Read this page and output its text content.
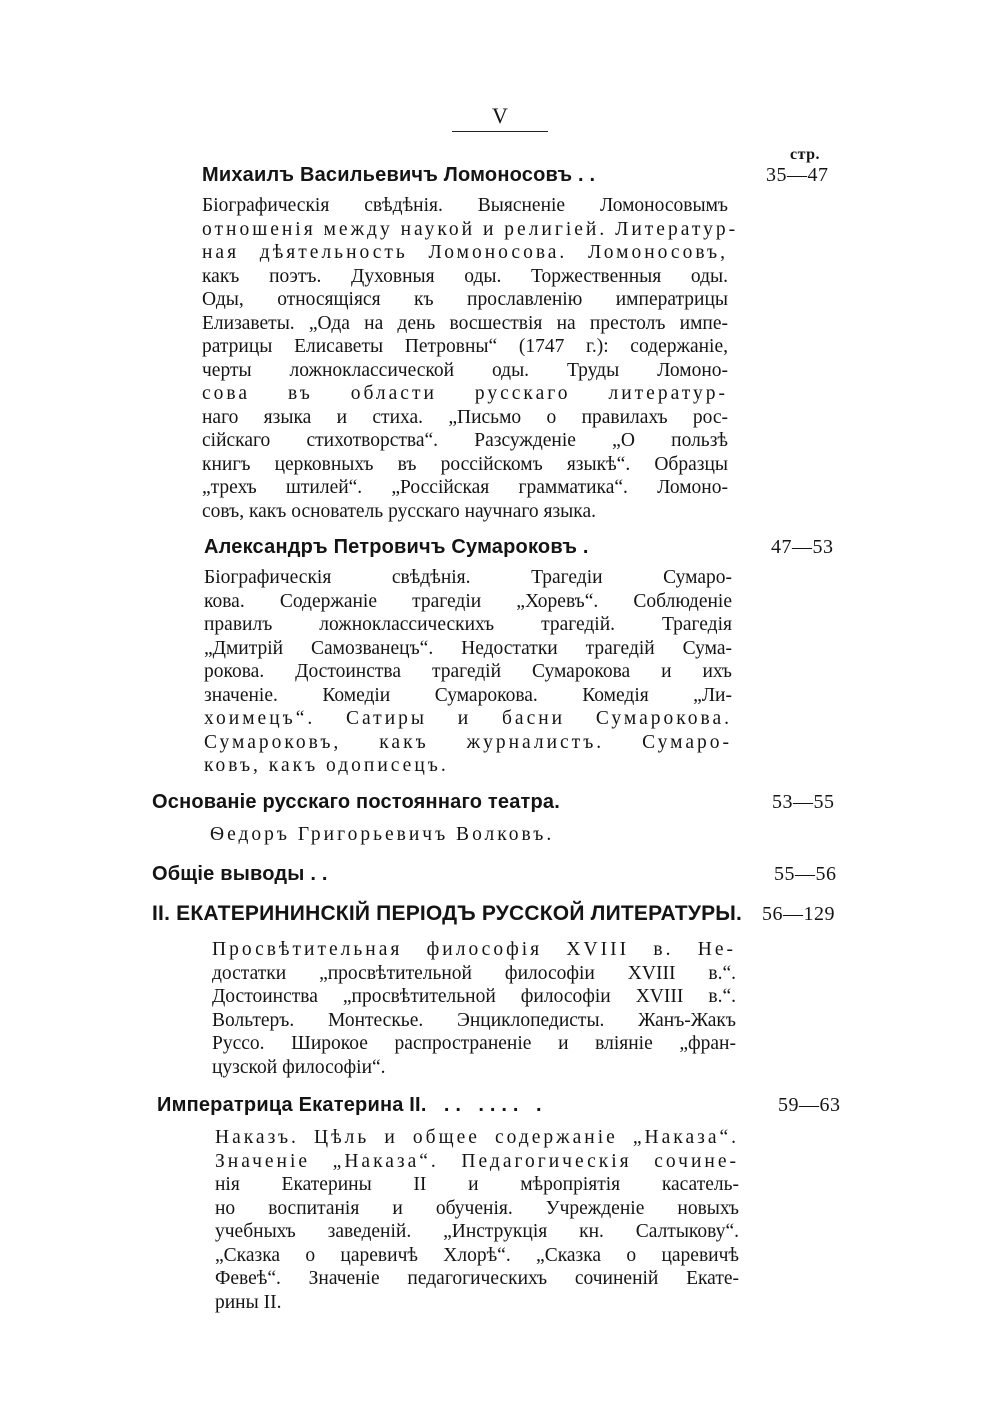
V
стр.
Михаилъ Васильевичъ Ломоносовъ . .	35—47
Біографическія свѣдѣнія. Выясненіе Ломоносовымъ
отношенія между наукой и религіей. Литератур-
ная дѣятельность Ломоносова. Ломоносовъ,
какъ поэтъ. Духовныя оды. Торжественныя оды.
Оды, относящіяся къ прославленію императрицы
Елизаветы. „Ода на день восшествія на престолъ импе-
ратрицы Елисаветы Петровны“ (1747 г.): содержаніе,
черты ложноклассической оды. Труды Ломоно-
сова въ области русскаго литератур-
наго языка и стиха. „Письмо о правилахъ рос-
сійскаго стихотворства“. Разсужденіе „О пользѣ
книгъ церковныхъ въ россійскомъ языкѣ“. Образцы
„трехъ штилей“. „Россійская грамматика“. Ломоно-
совъ, какъ основатель русскаго научнаго языка.
Александръ Петровичъ Сумароковъ .	47—53
Біографическія свѣдѣнія. Трагедіи Сумаро-
кова. Содержаніе трагедіи „Хоревъ“. Соблюденіе
правилъ ложноклассическихъ трагедій. Трагедія
„Дмитрій Самозванецъ“. Недостатки трагедій Сума-
рокова. Достоинства трагедій Сумарокова и ихъ
значеніе. Комедіи Сумарокова. Комедія „Ли-
хоимецъ“. Сатиры и басни Сумарокова.
Сумароковъ, какъ журналистъ. Сумаро-
ковъ, какъ одописецъ.
Основаніе русскаго постояннаго театра.	53—55
Ѳедоръ Григорьевичъ Волковъ.
Общіе выводы . .	55—56
II. ЕКАТЕРИНИНСКІЙ ПЕРІОДЪ РУССКОЙ ЛИТЕРАТУРЫ. 56—129
Просвѣтительная философія XVIII в. Не-
достатки „просвѣтительной философіи XVIII в.“.
Достоинства „просвѣтительной философіи XVIII в.“.
Вольтеръ. Монтескье. Энциклопедисты. Жанъ-Жакъ
Руссо. Широкое распространеніе и вліяніе „фран-
цузской философіи“.
Императрица Екатерина II.   . .   . . . .   .	59—63
Наказъ. Цѣль и общее содержаніе „Наказа“.
Значеніе „Наказа“. Педагогическія сочине-
нія Екатерины II и мѣропріятія касатель-
но воспитанія и обученія. Учрежденіе новыхъ
учебныхъ заведеній. „Инструкція кн. Салтыкову“.
„Сказка о царевичѣ Хлорѣ“. „Сказка о царевичѣ
Февеѣ“. Значеніе педагогическихъ сочиненій Екате-
рины II.
